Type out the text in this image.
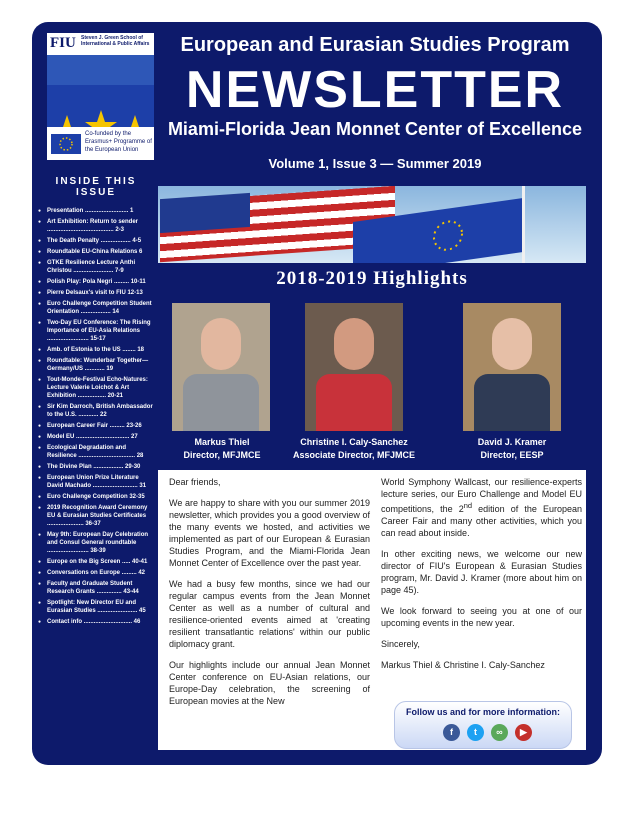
FIU Steven J. Green School of International & Public Affairs
Co-funded by the Erasmus+ Programme of the European Union
European and Eurasian Studies Program
NEWSLETTER
Miami-Florida Jean Monnet Center of Excellence
Volume 1, Issue 3 — Summer 2019
INSIDE THIS ISSUE
● Presentation .......................... 1
● Art Exhibition: Return to sender ........................................ 2-3
● The Death Penalty .................. 4-5
● Roundtable EU-China Relations 6
● GTKE Resilience Lecture Anthi Christou ........................ 7-9
● Polish Play: Pola Negri ......... 10-11
● Pierre Delsaux's visit to FIU 12-13
● Euro Challenge Competition Student Orientation .................. 14
● Two-Day EU Conference: The Rising Importance of EU-Asia Relations ......................... 15-17
● Amb. of Estonia to the US ........ 18
● Roundtable: Wunderbar Together—Germany/US ............ 19
● Tout-Monde-Festival Echo-Natures: Lecture Valerie Loichot & Art Exhibition ................. 20-21
● Sir Kim Darroch, British Ambassador to the U.S. ............ 22
● European Career Fair ......... 23-26
● Model EU ................................ 27
● Ecological Degradation and Resilience .................................. 28
● The Divine Plan .................. 29-30
● European Union Prize Literature David Machado ........................... 31
● Euro Challenge Competition 32-35
● 2019 Recognition Award Ceremony EU & Eurasian Studies Certificates ...................... 36-37
● May 9th: European Day Celebration and Consul General roundtable ......................... 38-39
● Europe on the Big Screen ..... 40-41
● Conversations on Europe ......... 42
● Faculty and Graduate Student Research Grants ............... 43-44
● Spotlight: New Director EU and Eurasian Studies ........................ 45
● Contact info ............................. 46
2018-2019 Highlights
Markus Thiel
Director, MFJMCE
Christine I. Caly-Sanchez
Associate Director, MFJMCE
David J. Kramer
Director, EESP

Dear friends,

We are happy to share with you our summer 2019 newsletter, which provides you a good overview of the many events we hosted, and activities we implemented as part of our European & Eurasian Studies Program, and the Miami-Florida Jean Monnet Center of Excellence over the past year.

We had a busy few months, since we had our regular campus events from the Jean Monnet Center as well as a number of cultural and resilience-oriented events aimed at 'creating resilient transatlantic relations' within our public diplomacy grant.

Our highlights include our annual Jean Monnet Center conference on EU-Asian relations, our Europe-Day celebration, the screening of European movies at the New

World Symphony Wallcast, our resilience-experts lecture series, our Euro Challenge and Model EU competitions, the 2nd edition of the European Career Fair and many other activities, which you can read about inside.

In other exciting news, we welcome our new director of FIU's European & Eurasian Studies program, Mr. David J. Kramer (more about him on page 45).

We look forward to seeing you at one of our upcoming events in the new year.

Sincerely,

Markus Thiel & Christine I. Caly-Sanchez

Follow us and for more information:
f	t	∞	▶
